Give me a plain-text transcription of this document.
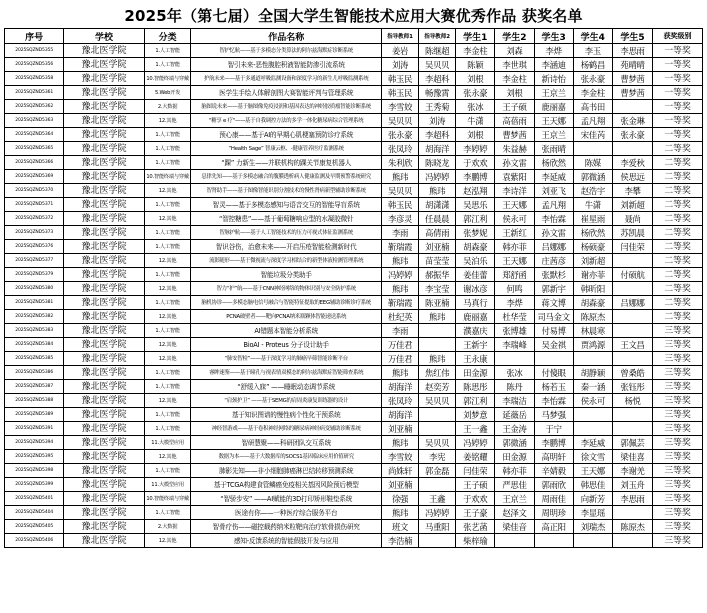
2025年（第七届）全国大学生智能技术应用大赛优秀作品 获奖名单
序号	学校	分类	作品名称	指导教师1	指导教师2	学生1	学生2	学生3	学生4	学生5	获奖级别
2025SQZND5355	豫北医学院	1.人工智能	智护忆航——基于多模态分类算法的阿尔兹海默症诊断系统	姜岩	陈继超	李金柱	刘森	李烨	李玉	李思雨	一等奖
2025SQZND5356	豫北医学院	1.人工智能	智引未来-恶性腹腔积液智能防渗引流系统	刘涛	吴贝贝	陈颖	李世琪	李涵迪	杨鹤昌	苑晴晴	一等奖
2025SQZND5358	豫北医学院	10.智能终端与穿戴	护航未来——基于多通道呼吸监测设备和深度学习的新生儿呼吸监测系统	韩玉民	李超科	刘根	李金柱	新诗怡	张永豪	曹梦茜	一等奖
2025SQZND5361	豫北医学院	5.Web开发	医学生手绘人体解剖图大赛智能评判与管理系统	韩玉民	畅豫霄	张永豪	刘根	王京兰	李金柱	曹梦茜	一等奖
2025SQZND5362	豫北医学院	2.大数据	脑图说未来——基于脑图像免疫浸润和基因表达的神经胶质瘤智能诊断系统	李雪姣	王秀菊	张冰	王子硕	鹿丽嘉	高书田		一等奖
2025SQZND5363	豫北医学院	12.其他	"糖享 e 疗"——基于自我调控方法的多学一体化糖尿病综合管理系统	吴贝贝	刘涛	牛潇	高蓓雨	王天娜	孟凡翔	张金琳	一等奖
2025SQZND5364	豫北医学院	1.人工智能	预心康——基于AI的早期心肌梗塞预防诊疗系统	张永豪	李超科	刘根	曹梦茜	王京兰	宋佳芮	张永豪	一等奖
2025SQZND5365	豫北医学院	1.人工智能	“Health Sage” 智康云枢、-健康管养医疗监测系统	张凤玲	胡海洋	李婷婷	朱益赫	张雨晴			二等奖
2025SQZND5366	豫北医学院	1.人工智能	“踝” 力新生——并联机构的踝关节康复机器人	朱利欣	陈晓龙	于欢欢	孙文雷	杨欣然	陈媒	李爱秋	二等奖
2025SQZND5369	豫北医学院	10.智能终端与穿戴	息律先知——基于多模态融合的腹膜透析病人健康监测及早期预警系统研究	熊玮	冯婷婷	李鹏博	袁紫阳	李延威	郭微涵	侯思远	二等奖
2025SQZND5370	豫北医学院	12.其他	智肾助手——基于图像智能识别分割技术的慢性肾病新型辅助诊断系统	吴贝贝	熊玮	赵泓翔	李诗洋	刘亚飞	赵浩宇	李攀	二等奖
2025SQZND5371	豫北医学院	1.人工智能	智灵——基于多模态感知与语音交互的智能导盲系统	韩玉民	胡潇潇	吴思乐	王天娜	孟凡翔	牛潇	刘新超	二等奖
2025SQZND5372	豫北医学院	12.其他	“智控糖患”——基于葡萄糖响应型的水凝胶微针	李彦灵	任晨晨	郭江利	侯永可	李怡霖	崔星雨	聂尚	二等奖
2025SQZND5373	豫北医学院	1.人工智能	智脉护航——基于人工智能技术的压力可视式体征监测系统	李雨	高倩雨	张梦妮	王新红	孙文雷	杨欣然	苏凯晨	二等奖
2025SQZND5376	豫北医学院	1.人工智能	智识谷伤，治愈未来——开启压疮智能检测新时代	靳瑞霞	刘亚楠	胡森豪	韩亦菲	吕娜娜	杨硕豪	闫佳荣	二等奖
2025SQZND5377	豫北医学院	12.其他	流影随形——基于微视流与深度学习相结合的新型体液检测管理系统	熊玮	苗莹莹	吴泊乐	王天娜	庄茜彦	刘新超		二等奖
2025SQZND5379	豫北医学院	1.人工智能	智能垃圾分类助手	冯婷婷	郝振华	姜佳蕾	郑舒函	张默杉	谢亦菲	付硕航	二等奖
2025SQZND5380	豫北医学院	12.其他	智力“护”航——基于CNN神经网络的物体识别与安全防护系统	熊玮	李宝莹	谢冰彦	何鸣	郭新宇	韩昕阳		二等奖
2025SQZND5381	豫北医学院	1.人工智能	脑机协诊——多模态脑电信号融合与智能特征提取的EEG辅助诊断诊疗系统	靳瑞霞	陈亚楠	马真行	李烨	蒋文博	胡森豪	吕娜娜	二等奖
2025SQZND5382	豫北医学院	12.其他	PCNA破壁者——靶向PCNA纳米瓶颗体智能递送系统	杜纪英	熊玮	鹿丽嘉	杜华莹	司马金文	陈原杰		二等奖
2025SQZND5383	豫北医学院	1.人工智能	AI错题本智能分析系统	李雨		濮嘉庆	张博雄	付易博	林晨寒		三等奖
2025SQZND5384	豫北医学院	12.其他	BioAI - Proteus 分子设计助手	万佳君		王新宇	李瑞峰	吴金祺	贾鸿源	王文昌	三等奖
2025SQZND5385	豫北医学院	12.其他	“肺安智检”——基于深度学习的肺癌早筛智能诊断平台	万佳君	熊玮	王永康					三等奖
2025SQZND5386	豫北医学院	1.人工智能	睿眸速鉴——基于瞳孔与视表情双模态的阿尔兹海默症智能筛查系统	熊玮	焦红伟	田金源	张冰	付傻眼	胡静颖	曾桑皓	三等奖
2025SQZND5387	豫北医学院	1.人工智能	“舒缓入寐” ——睡眠动态调节系统	胡海洋	赵奕芳	陈思彤	陈丹	杨若玉	秦一涵	张钰彤	三等奖
2025SQZND5388	豫北医学院	12.其他	“肩颈护卫” ——基于SEMG的肩周炎康复训练器的设计	张凤玲	吴贝贝	郭江利	李瑞洁	李怡霖	侯永可	杨悦	三等奖
2025SQZND5389	豫北医学院	1.人工智能	基于知识图谱的慢性病个性化干预系统	胡海洋		刘梦意	延薇岳	马梦强			三等奖
2025SQZND5391	豫北医学院	1.人工智能	神经智游戏——基于卷积神经网络的糖尿病神经病变辅助诊断系统	刘亚楠		王一鑫	王金涛	于宁			三等奖
2025SQZND5394	豫北医学院	11.大模型应用	智研慧聚——科研团队交互系统	熊玮	吴贝贝	冯婷婷	郭微涵	李鹏博	李延威	郭佩芸	三等奖
2025SQZND5395	豫北医学院	12.其他	数据为本——基于大数据库的SOCS1基因临床应用价值研究	李雪姣	李宪	姜铭耀	田金源	高明轩	徐文雪	梁佳喜	三等奖
2025SQZND5398	豫北医学院	1.人工智能	肺影先知——非小细胞肺癌淋巴结转移预测系统	尚姝轩	郭金磊	闫佳荣	韩亦菲	辛婧毅	王天娜	李谢羌	三等奖
2025SQZND5399	豫北医学院	11.大模型应用	基于TCGA构建食管鳞癌免疫相关基因风险预后模型	刘亚楠		王子硕	严思佳	郭雨欣	韩思佳	刘玉舟	三等奖
2025SQZND5401	豫北医学院	10.智能终端与穿戴	“智骄步安” ——AI赋能的3D打印矫形鞋垫系统	徐强	王鑫	于欢欢	王京兰	周雨佳	向新芳	李思雨	三等奖
2025SQZND5404	豫北医学院	1.人工智能	医途有你——一种医疗综合服务平台	熊玮	冯婷婷	王子豪	赵泽文	周明珍	李显瑶		三等奖
2025SQZND5405	豫北医学院	2.大数据	智骨疗伤——磁控载药纳米粒靶向治疗软骨损伤研究	班文	马重阳	张艺菡	梁佳音	高正阳	刘瑞杰	陈原杰	三等奖
2025SQZND5406	豫北医学院	12.其他	感知-反馈系统的智能假肢开发与应用	李浩楠		柴梓瑜					三等奖
